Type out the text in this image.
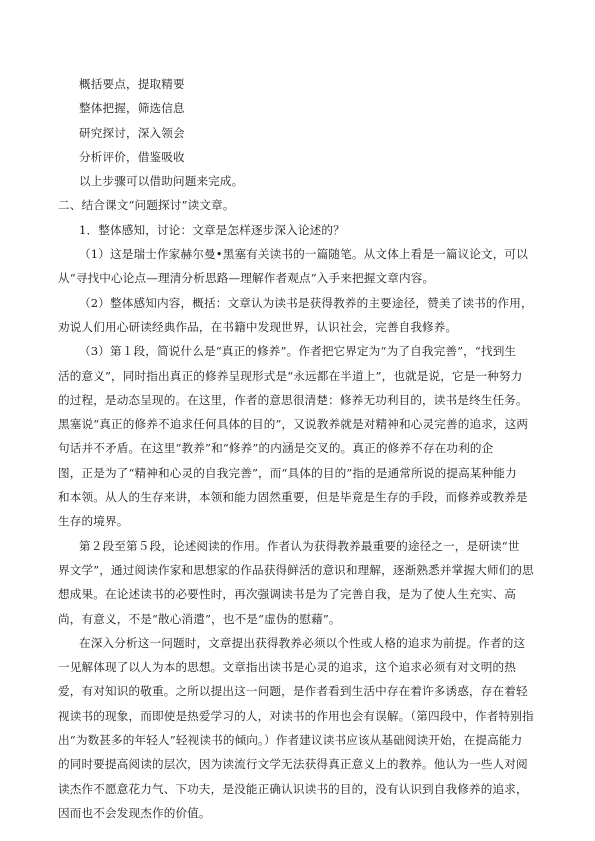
概括要点，提取精要
整体把握，筛选信息
研究探讨，深入领会
分析评价，借鉴吸收
以上步骤可以借助问题来完成。
二、结合课文“问题探讨”读文章。
1．整体感知，讨论：文章是怎样逐步深入论述的？
（1）这是瑞士作家赫尔曼•黑塞有关读书的一篇随笔。从文体上看是一篇议论文，可以
从“寻找中心论点—理清分析思路—理解作者观点”入手来把握文章内容。
（2）整体感知内容，概括：文章认为读书是获得教养的主要途径，赞美了读书的作用，
劝说人们用心研读经典作品，在书籍中发现世界，认识社会，完善自我修养。
（3）第１段，简说什么是“真正的修养”。作者把它界定为“为了自我完善”，“找到生
活的意义”，同时指出真正的修养呈现形式是“永远都在半道上”，也就是说，它是一种努力
的过程，是动态呈现的。在这里，作者的意思很清楚：修养无功利目的，读书是终生任务。
黑塞说“真正的修养不追求任何具体的目的”，又说教养就是对精神和心灵完善的追求，这两
句话并不矛盾。在这里“教养”和“修养”的内涵是交叉的。真正的修养不存在功利的企
图，正是为了“精神和心灵的自我完善”，而“具体的目的”指的是通常所说的提高某种能力
和本领。从人的生存来讲，本领和能力固然重要，但是毕竟是生存的手段，而修养或教养是
生存的境界。
第２段至第５段，论述阅读的作用。作者认为获得教养最重要的途径之一，是研读“世
界文学”，通过阅读作家和思想家的作品获得鲜活的意识和理解，逐渐熟悉并掌握大师们的思
想成果。在论述读书的必要性时，再次强调读书是为了完善自我，是为了使人生充实、高
尚，有意义，不是“散心消遣”，也不是“虚伪的慰藉”。
在深入分析这一问题时，文章提出获得教养必须以个性或人格的追求为前提。作者的这
一见解体现了以人为本的思想。文章指出读书是心灵的追求，这个追求必须有对文明的热
爱，有对知识的敬重。之所以提出这一问题，是作者看到生活中存在着许多诱惑，存在着轻
视读书的现象，而即使是热爱学习的人，对读书的作用也会有误解。（第四段中，作者特别指
出“为数甚多的年轻人”轻视读书的倾向。）作者建议读书应该从基础阅读开始，在提高能力
的同时要提高阅读的层次，因为读流行文学无法获得真正意义上的教养。他认为一些人对阅
读杰作不愿意花力气、下功夫，是没能正确认识读书的目的，没有认识到自我修养的追求，
因而也不会发现杰作的价值。
